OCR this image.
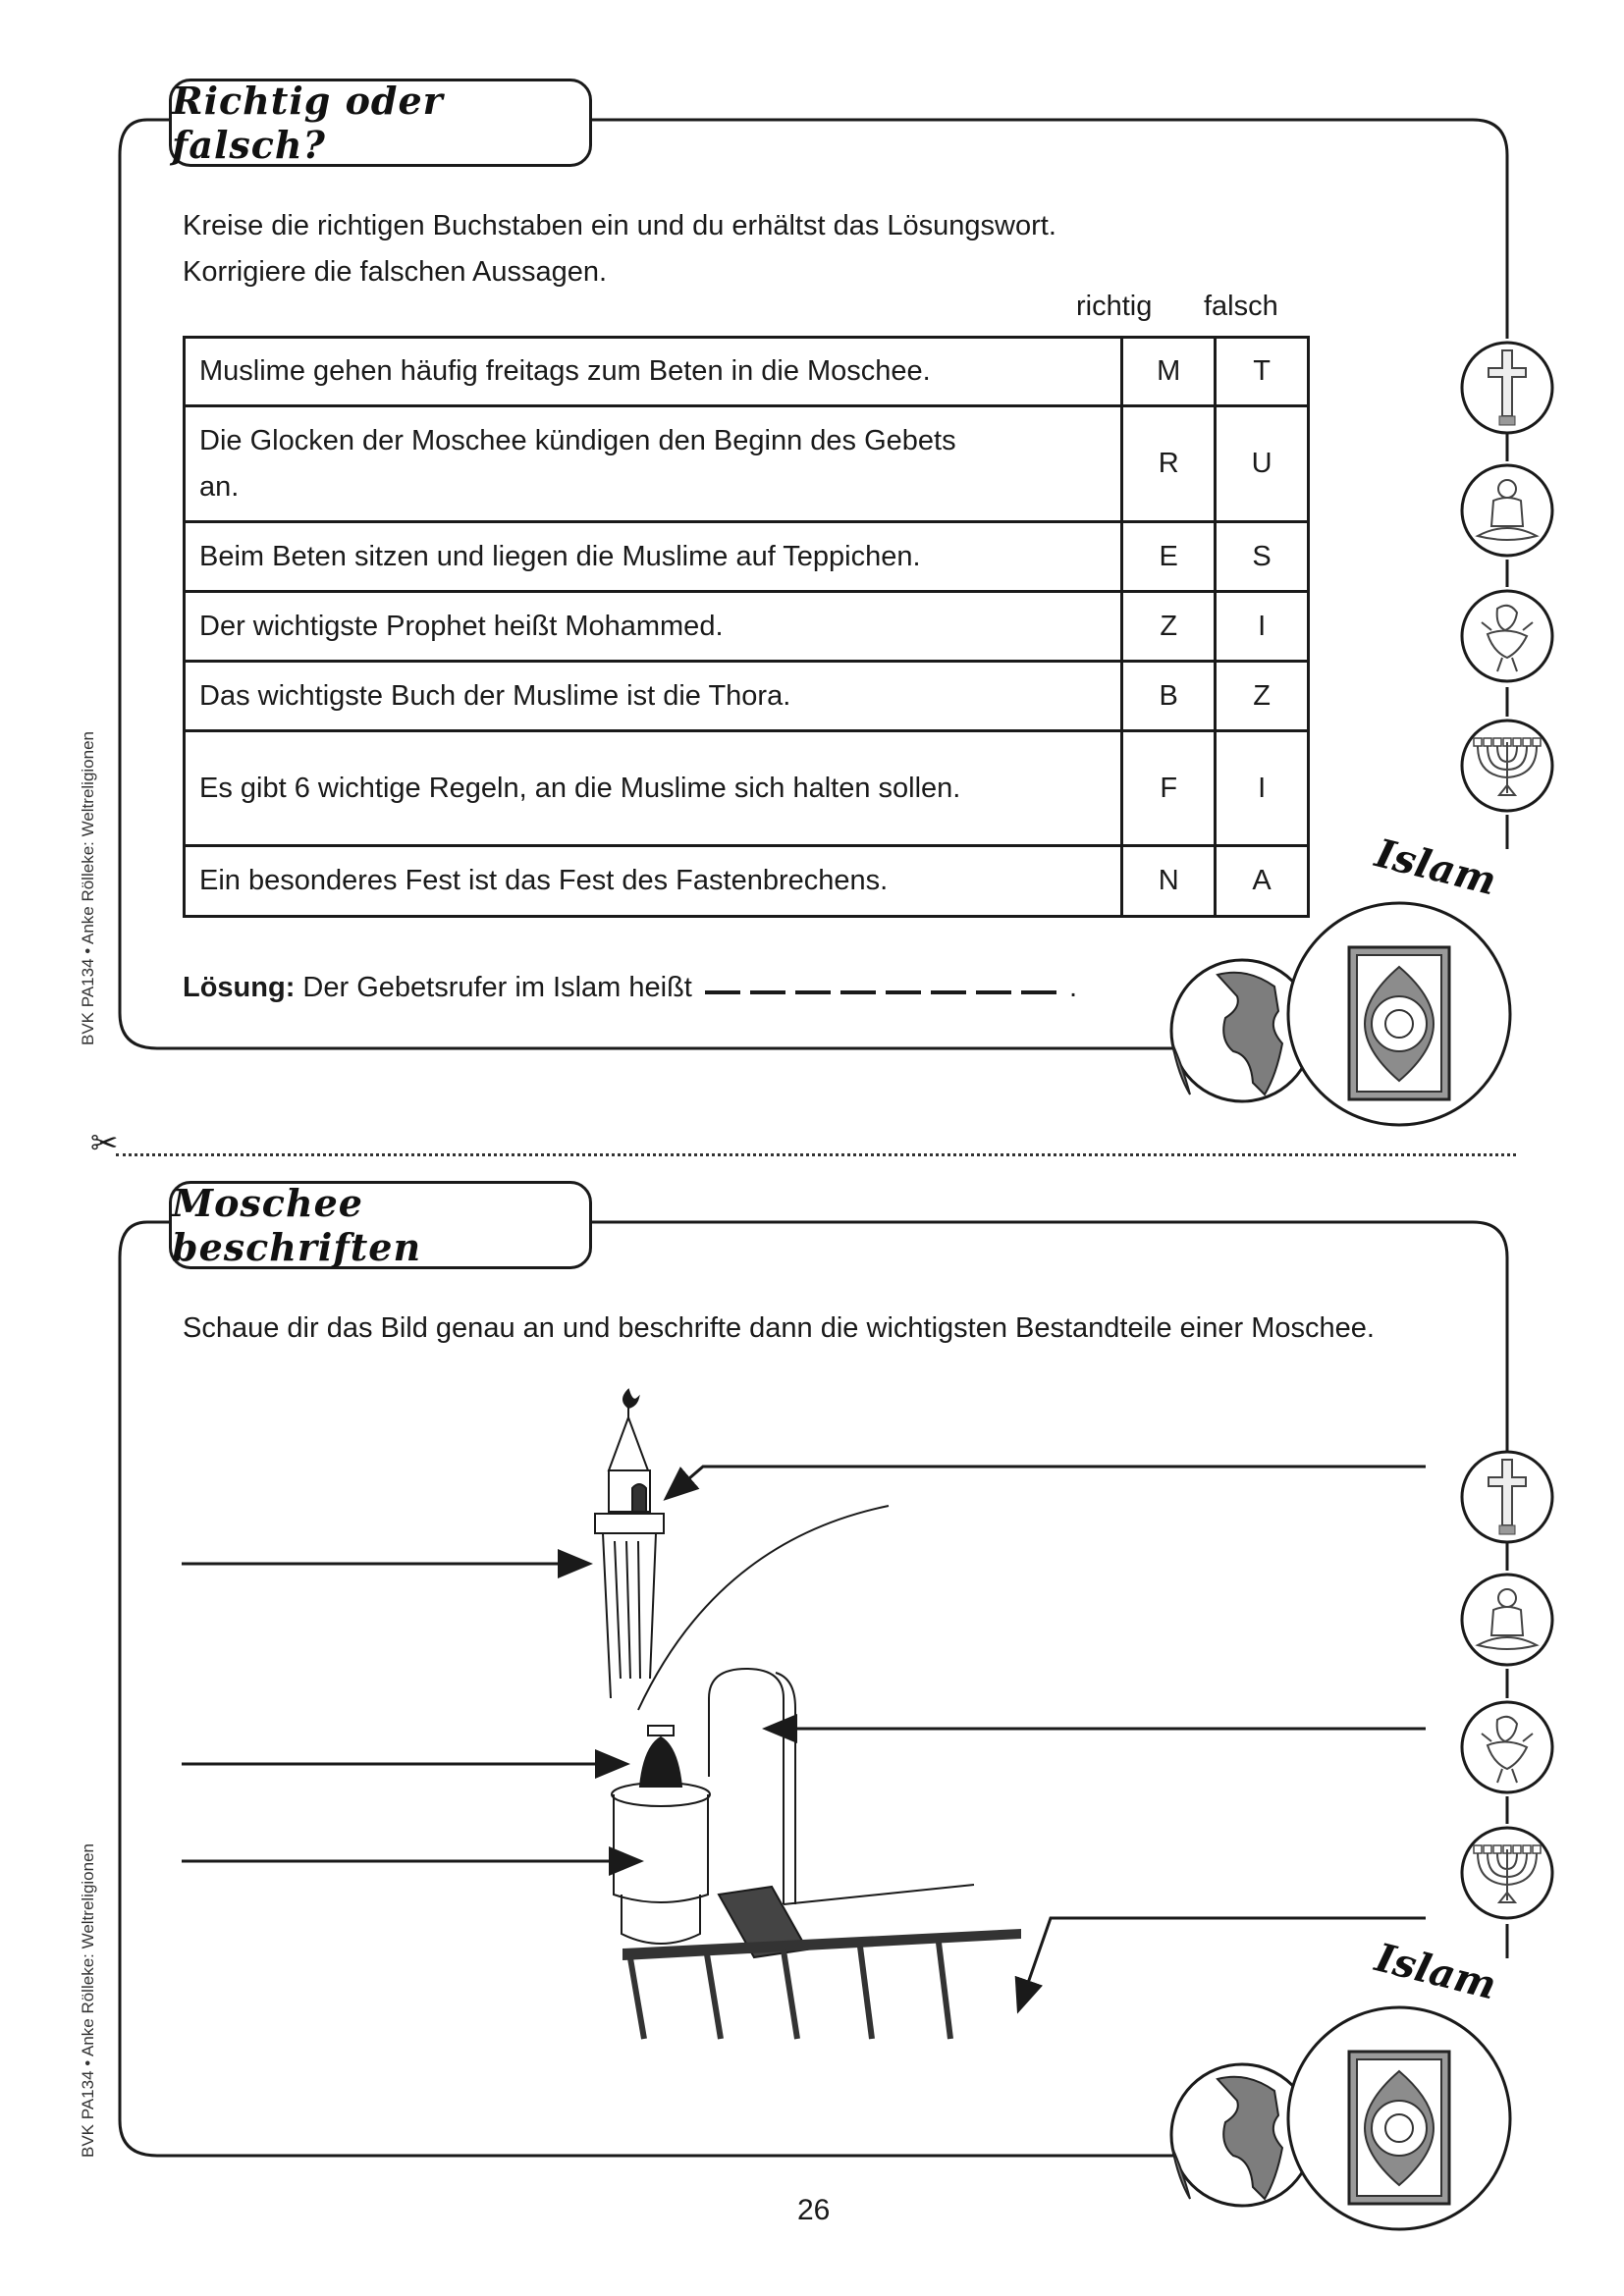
Richtig oder falsch?
Kreise die richtigen Buchstaben ein und du erhältst das Lösungswort.
Korrigiere die falschen Aussagen.
richtig falsch
Muslime gehen häufig freitags zum Beten in die Moschee.	M	T
Die Glocken der Moschee kündigen den Beginn des Gebets an.	R	U
Beim Beten sitzen und liegen die Muslime auf Teppichen.	E	S
Der wichtigste Prophet heißt Mohammed.	Z	I
Das wichtigste Buch der Muslime ist die Thora.	B	Z
Es gibt 6 wichtige Regeln, an die Muslime sich halten sollen.	F	I
Ein besonderes Fest ist das Fest des Fastenbrechens.	N	A
Lösung: Der Gebetsrufer im Islam heißt	.
Islam
✂
Moschee beschriften
Schaue dir das Bild genau an und beschrifte dann die wichtigsten Bestandteile einer Moschee.
Islam
BVK PA134 • Anke Rölleke: Weltreligionen
BVK PA134 • Anke Rölleke: Weltreligionen
26
